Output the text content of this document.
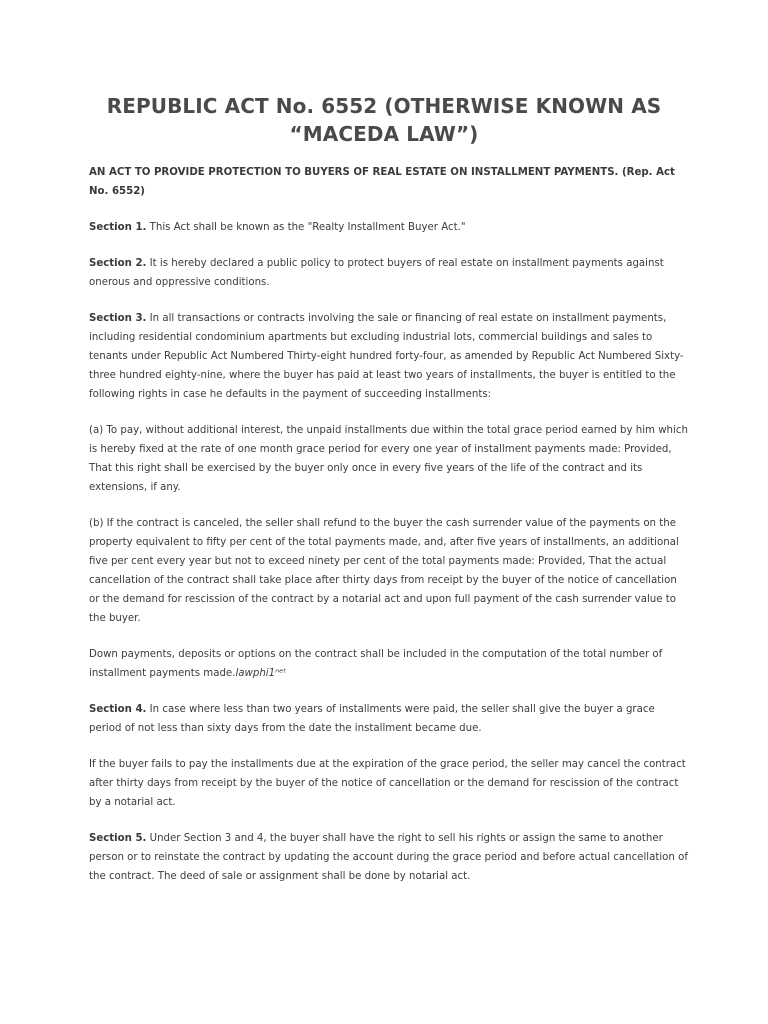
REPUBLIC ACT No. 6552 (OTHERWISE KNOWN AS
“MACEDA LAW”)

AN ACT TO PROVIDE PROTECTION TO BUYERS OF REAL ESTATE ON INSTALLMENT PAYMENTS. (Rep. Act No. 6552)

Section 1. This Act shall be known as the "Realty Installment Buyer Act."

Section 2. It is hereby declared a public policy to protect buyers of real estate on installment payments against onerous and oppressive conditions.

Section 3. In all transactions or contracts involving the sale or financing of real estate on installment payments, including residential condominium apartments but excluding industrial lots, commercial buildings and sales to tenants under Republic Act Numbered Thirty-eight hundred forty-four, as amended by Republic Act Numbered Sixty-three hundred eighty-nine, where the buyer has paid at least two years of installments, the buyer is entitled to the following rights in case he defaults in the payment of succeeding installments:

(a) To pay, without additional interest, the unpaid installments due within the total grace period earned by him which is hereby fixed at the rate of one month grace period for every one year of installment payments made: Provided, That this right shall be exercised by the buyer only once in every five years of the life of the contract and its extensions, if any.

(b) If the contract is canceled, the seller shall refund to the buyer the cash surrender value of the payments on the property equivalent to fifty per cent of the total payments made, and, after five years of installments, an additional five per cent every year but not to exceed ninety per cent of the total payments made: Provided, That the actual cancellation of the contract shall take place after thirty days from receipt by the buyer of the notice of cancellation or the demand for rescission of the contract by a notarial act and upon full payment of the cash surrender value to the buyer.

Down payments, deposits or options on the contract shall be included in the computation of the total number of installment payments made.lawphi1ⁿᵉᵗ

Section 4. In case where less than two years of installments were paid, the seller shall give the buyer a grace period of not less than sixty days from the date the installment became due.

If the buyer fails to pay the installments due at the expiration of the grace period, the seller may cancel the contract after thirty days from receipt by the buyer of the notice of cancellation or the demand for rescission of the contract by a notarial act.

Section 5. Under Section 3 and 4, the buyer shall have the right to sell his rights or assign the same to another person or to reinstate the contract by updating the account during the grace period and before actual cancellation of the contract. The deed of sale or assignment shall be done by notarial act.
